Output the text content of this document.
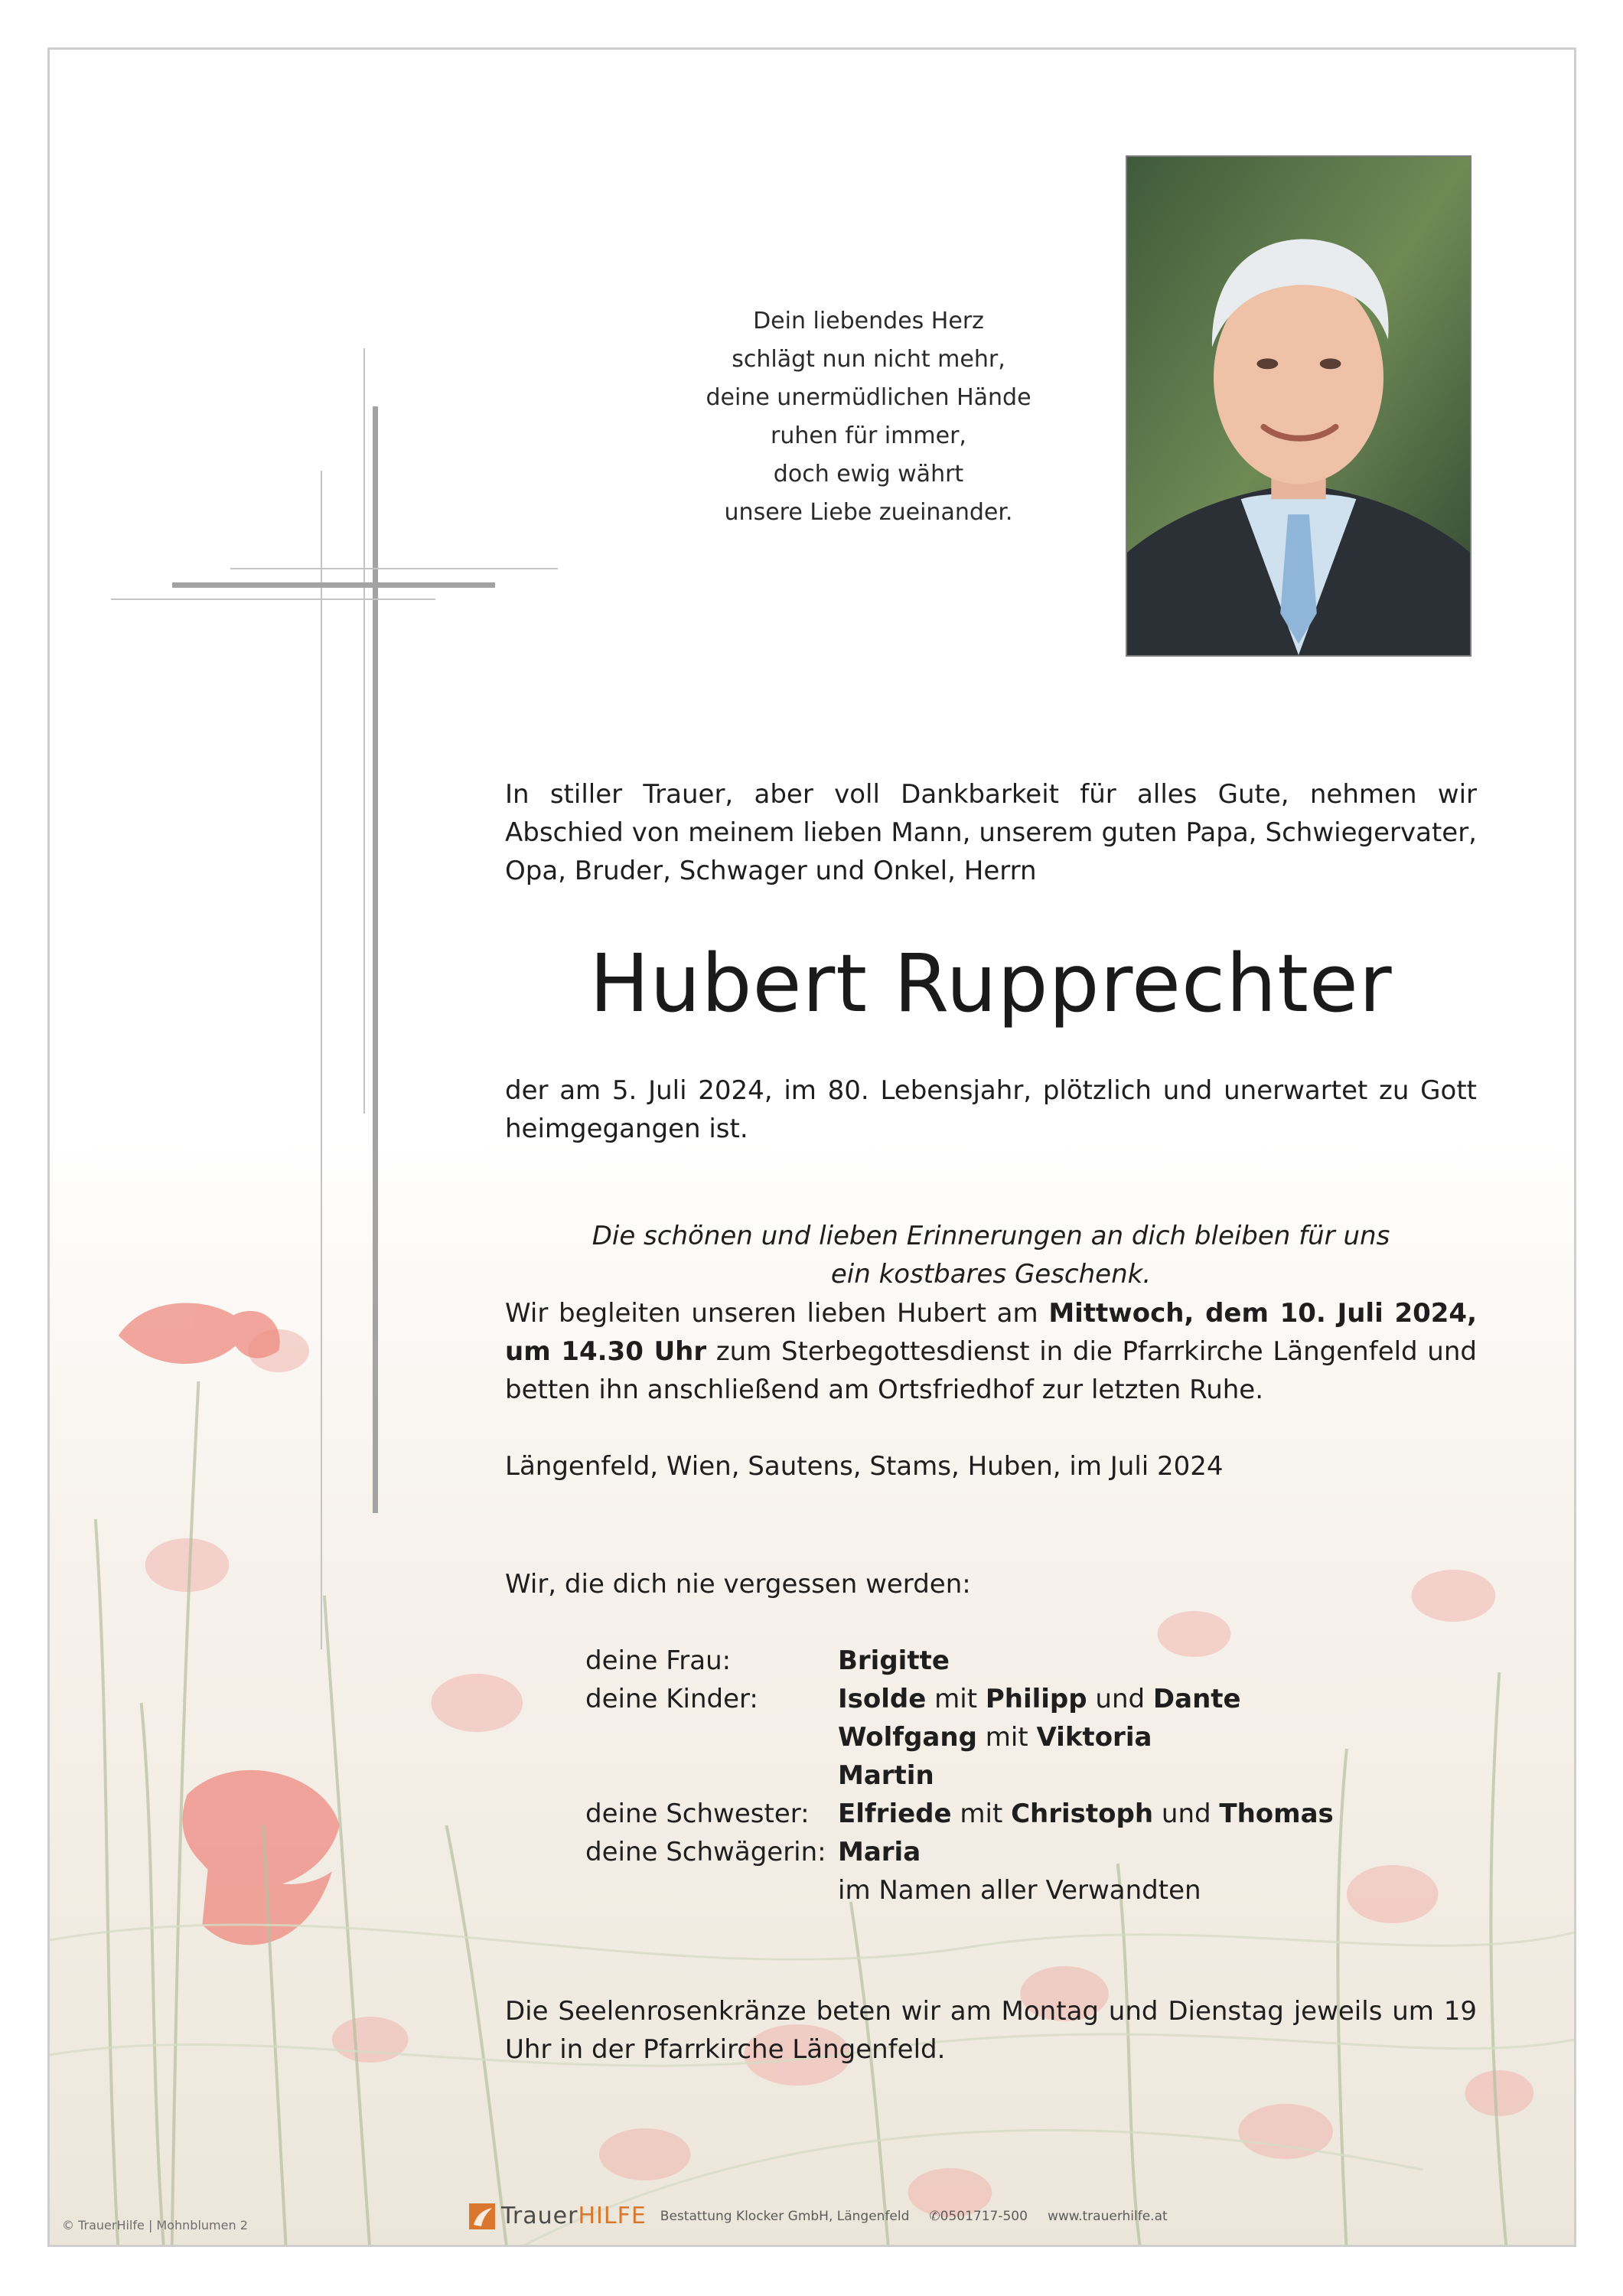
Dein liebendes Herz
schlägt nun nicht mehr,
deine unermüdlichen Hände
ruhen für immer,
doch ewig währt
unsere Liebe zueinander.

In stiller Trauer, aber voll Dankbarkeit für alles Gute, nehmen wir Abschied von meinem lieben Mann, unserem guten Papa, Schwiegervater, Opa, Bruder, Schwager und Onkel, Herrn

Hubert Rupprechter

der am 5. Juli 2024, im 80. Lebensjahr, plötzlich und unerwartet zu Gott heimgegangen ist.

Die schönen und lieben Erinnerungen an dich bleiben für uns
ein kostbares Geschenk.

Wir begleiten unseren lieben Hubert am Mittwoch, dem 10. Juli 2024, um 14.30 Uhr zum Sterbegottesdienst in die Pfarrkirche Längenfeld und betten ihn anschließend am Ortsfriedhof zur letzten Ruhe.

Längenfeld, Wien, Sautens, Stams, Huben, im Juli 2024

Wir, die dich nie vergessen werden:

deine Frau:	Brigitte
deine Kinder:	Isolde mit Philipp und Dante
Wolfgang mit Viktoria
Martin
deine Schwester:	Elfriede mit Christoph und Thomas
deine Schwägerin: Maria
im Namen aller Verwandten

Die Seelenrosenkränze beten wir am Montag und Dienstag jeweils um 19 Uhr in der Pfarrkirche Längenfeld.

© TrauerHilfe | Mohnblumen 2	TrauerHILFE Bestattung Klocker GmbH, Längenfeld ✆0501717-500 www.trauerhilfe.at
